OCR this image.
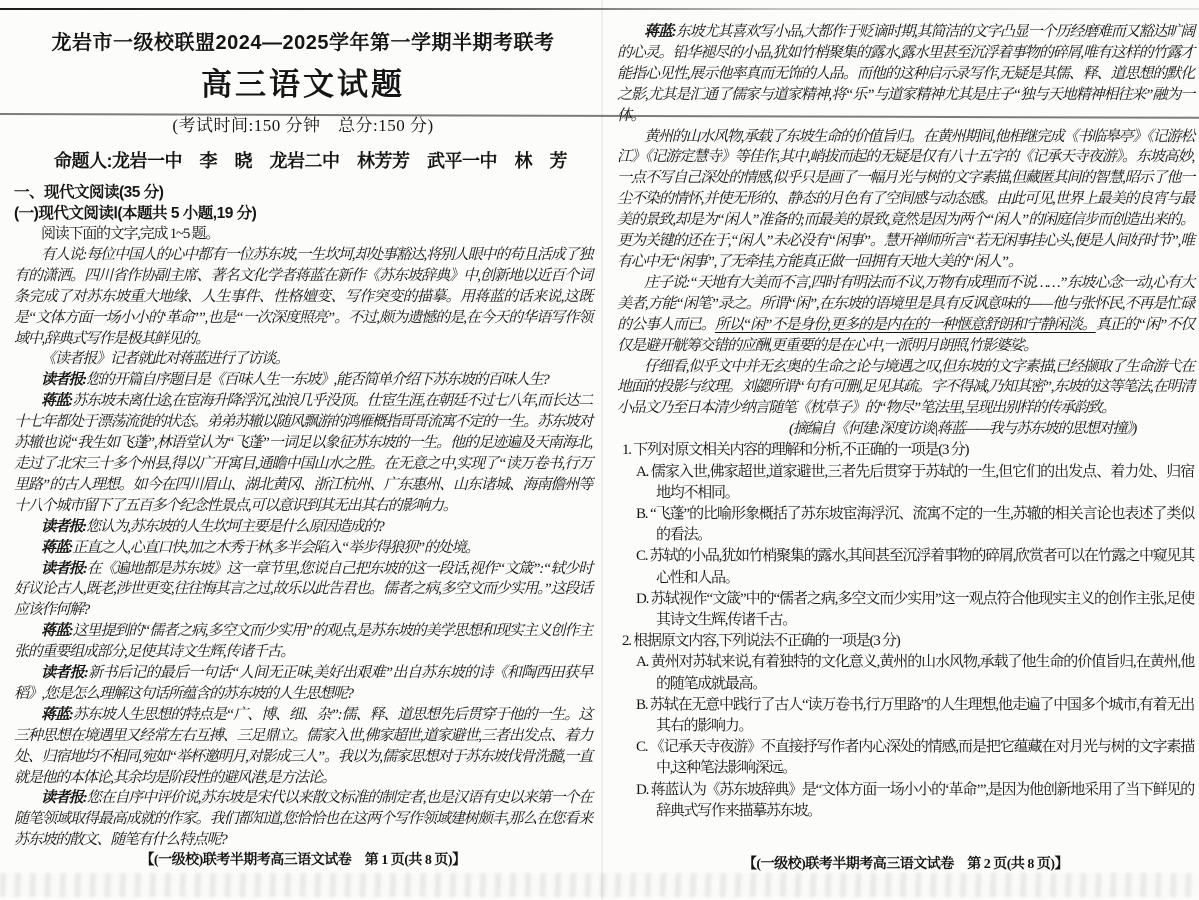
龙岩市一级校联盟2024—2025学年第一学期半期考联考
高三语文试题
(考试时间:150 分钟　总分:150 分)
命题人:龙岩一中　李　晓　龙岩二中　林芳芳　武平一中　林　芳
一、现代文阅读(35 分)
(一)现代文阅读Ⅰ(本题共 5 小题,19 分)

阅读下面的文字,完成 1~5 题。

有人说:每位中国人的心中都有一位苏东坡,一生坎坷,却处事豁达,将别人眼中的苟且活成了独有的潇洒。四川省作协副主席、著名文化学者蒋蓝在新作《苏东坡辞典》中,创新地以近百个词条完成了对苏东坡重大地缘、人生事件、性格嬗变、写作突变的描摹。用蒋蓝的话来说,这既是“文体方面一场小小的‘革命’”,也是“一次深度照亮”。不过,颇为遗憾的是,在今天的华语写作领域中,辞典式写作是极其鲜见的。

《读者报》记者就此对蒋蓝进行了访谈。

读者报:您的开篇自序题目是《百味人生一东坡》,能否简单介绍下苏东坡的百味人生?

蒋蓝:苏东坡未离仕途,在宦海升降浮沉,浊浪几乎没顶。仕宦生涯,在朝廷不过七八年,而长达二十七年都处于漂荡流徙的状态。弟弟苏辙以随风飘游的鸿雁概指哥哥流寓不定的一生。苏东坡对苏辙也说“我生如飞蓬”,林语堂认为“飞蓬”一词足以象征苏东坡的一生。他的足迹遍及天南海北,走过了北宋三十多个州县,得以广开寓目,通瞻中国山水之胜。在无意之中,实现了“读万卷书,行万里路”的古人理想。如今在四川眉山、湖北黄冈、浙江杭州、广东惠州、山东诸城、海南儋州等十八个城市留下了五百多个纪念性景点,可以意识到其无出其右的影响力。

读者报:您认为,苏东坡的人生坎坷主要是什么原因造成的?

蒋蓝:正直之人,心直口快,加之木秀于林,多半会陷入“举步得狼狈”的处境。

读者报:在《遍地都是苏东坡》这一章节里,您说自己把东坡的这一段话,视作“文箴”:“轼少时好议论古人,既老,涉世更变,往往悔其言之过,故乐以此告君也。儒者之病,多空文而少实用。”这段话应该作何解?

蒋蓝:这里提到的“儒者之病,多空文而少实用”的观点,是苏东坡的美学思想和现实主义创作主张的重要组成部分,足使其诗文生辉,传诸千古。

读者报:新书后记的最后一句话“人间无正味,美好出艰难”出自苏东坡的诗《和陶西田获早稻》,您是怎么理解这句话所蕴含的苏东坡的人生思想呢?

蒋蓝:苏东坡人生思想的特点是“广、博、细、杂”:儒、释、道思想先后贯穿于他的一生。这三种思想在境遇里又经常左右互搏、三足鼎立。儒家入世,佛家超世,道家避世,三者出发点、着力处、归宿地均不相同,宛如“举杯邀明月,对影成三人”。我以为,儒家思想对于苏东坡伐骨洗髓,一直就是他的本体论,其余均是阶段性的避风港,是方法论。

读者报:您在自序中评价说,苏东坡是宋代以来散文标准的制定者,也是汉语有史以来第一个在随笔领域取得最高成就的作家。我们都知道,您恰恰也在这两个写作领域建树颇丰,那么在您看来苏东坡的散文、随笔有什么特点呢?

【(一级校)联考半期考高三语文试卷　第 1 页(共 8 页)】

蒋蓝:东坡尤其喜欢写小品,大都作于贬谪时期,其简洁的文字凸显一个历经磨难而又豁达旷阔的心灵。铅华褪尽的小品,犹如竹梢聚集的露水,露水里甚至沉浮着事物的碎屑,唯有这样的竹露才能指心见性,展示他率真而无饰的人品。而他的这种启示录写作,无疑是其儒、释、道思想的默化之影,尤其是汇通了儒家与道家精神,将“乐”与道家精神尤其是庄子“独与天地精神相往来”融为一体。

黄州的山水风物,承载了东坡生命的价值旨归。在黄州期间,他相继完成《书临皋亭》《记游松江》《记游定慧寺》等佳作,其中,峭拔而起的无疑是仅有八十五字的《记承天寺夜游》。东坡高妙,一点不写自己深处的情感,似乎只是画了一幅月光与树的文字素描,但藏匿其间的智慧,昭示了他一尘不染的情怀,并使无形的、静态的月色有了空间感与动态感。由此可见,世界上最美的良宵与最美的景致,却是为“闲人”准备的;而最美的景致,竟然是因为两个“闲人”的闲庭信步而创造出来的。更为关键的还在于,“闲人”未必没有“闲事”。慧开禅师所言“若无闲事挂心头,便是人间好时节”,唯有心中无“闲事”,了无牵挂,方能真正做一回拥有天地大美的“闲人”。

庄子说:“天地有大美而不言,四时有明法而不议,万物有成理而不说……”东坡心念一动,心有大美者,方能“闲笔”录之。所谓“闲”,在东坡的语境里是具有反讽意味的——他与张怀民,不再是忙碌的公事人而已。所以“闲”不是身份,更多的是内在的一种惬意舒朗和宁静闲淡。真正的“闲”不仅仅是避开觥筹交错的应酬,更重要的是在心中,一派明月朗照,竹影婆娑。

仔细看,似乎文中并无玄奥的生命之论与境遇之叹,但东坡的文字素描,已经撷取了生命游弋在地面的投影与纹理。刘勰所谓“句有可删,足见其疏。字不得减,乃知其密”,东坡的这等笔法,在明清小品文乃至日本清少纳言随笔《枕草子》的“物尽”笔法里,呈现出别样的传承韵致。

(摘编自《何建:深度访谈|蒋蓝——我与苏东坡的思想对撞》)

1. 下列对原文相关内容的理解和分析,不正确的一项是(3 分)

A. 儒家入世,佛家超世,道家避世,三者先后贯穿于苏轼的一生,但它们的出发点、着力处、归宿地均不相同。

B. “飞蓬”的比喻形象概括了苏东坡宦海浮沉、流寓不定的一生,苏辙的相关言论也表述了类似的看法。

C. 苏轼的小品,犹如竹梢聚集的露水,其间甚至沉浮着事物的碎屑,欣赏者可以在竹露之中窥见其心性和人品。

D. 苏轼视作“文箴”中的“儒者之病,多空文而少实用”这一观点符合他现实主义的创作主张,足使其诗文生辉,传诸千古。

2. 根据原文内容,下列说法不正确的一项是(3 分)

A. 黄州对苏轼来说,有着独特的文化意义,黄州的山水风物,承载了他生命的价值旨归,在黄州,他的随笔成就最高。

B. 苏轼在无意中践行了古人“读万卷书,行万里路”的人生理想,他走遍了中国多个城市,有着无出其右的影响力。

C. 《记承天寺夜游》不直接抒写作者内心深处的情感,而是把它蕴藏在对月光与树的文字素描中,这种笔法影响深远。

D. 蒋蓝认为《苏东坡辞典》是“文体方面一场小小的‘革命’”,是因为他创新地采用了当下鲜见的辞典式写作来描摹苏东坡。

【(一级校)联考半期考高三语文试卷　第 2 页(共 8 页)】
